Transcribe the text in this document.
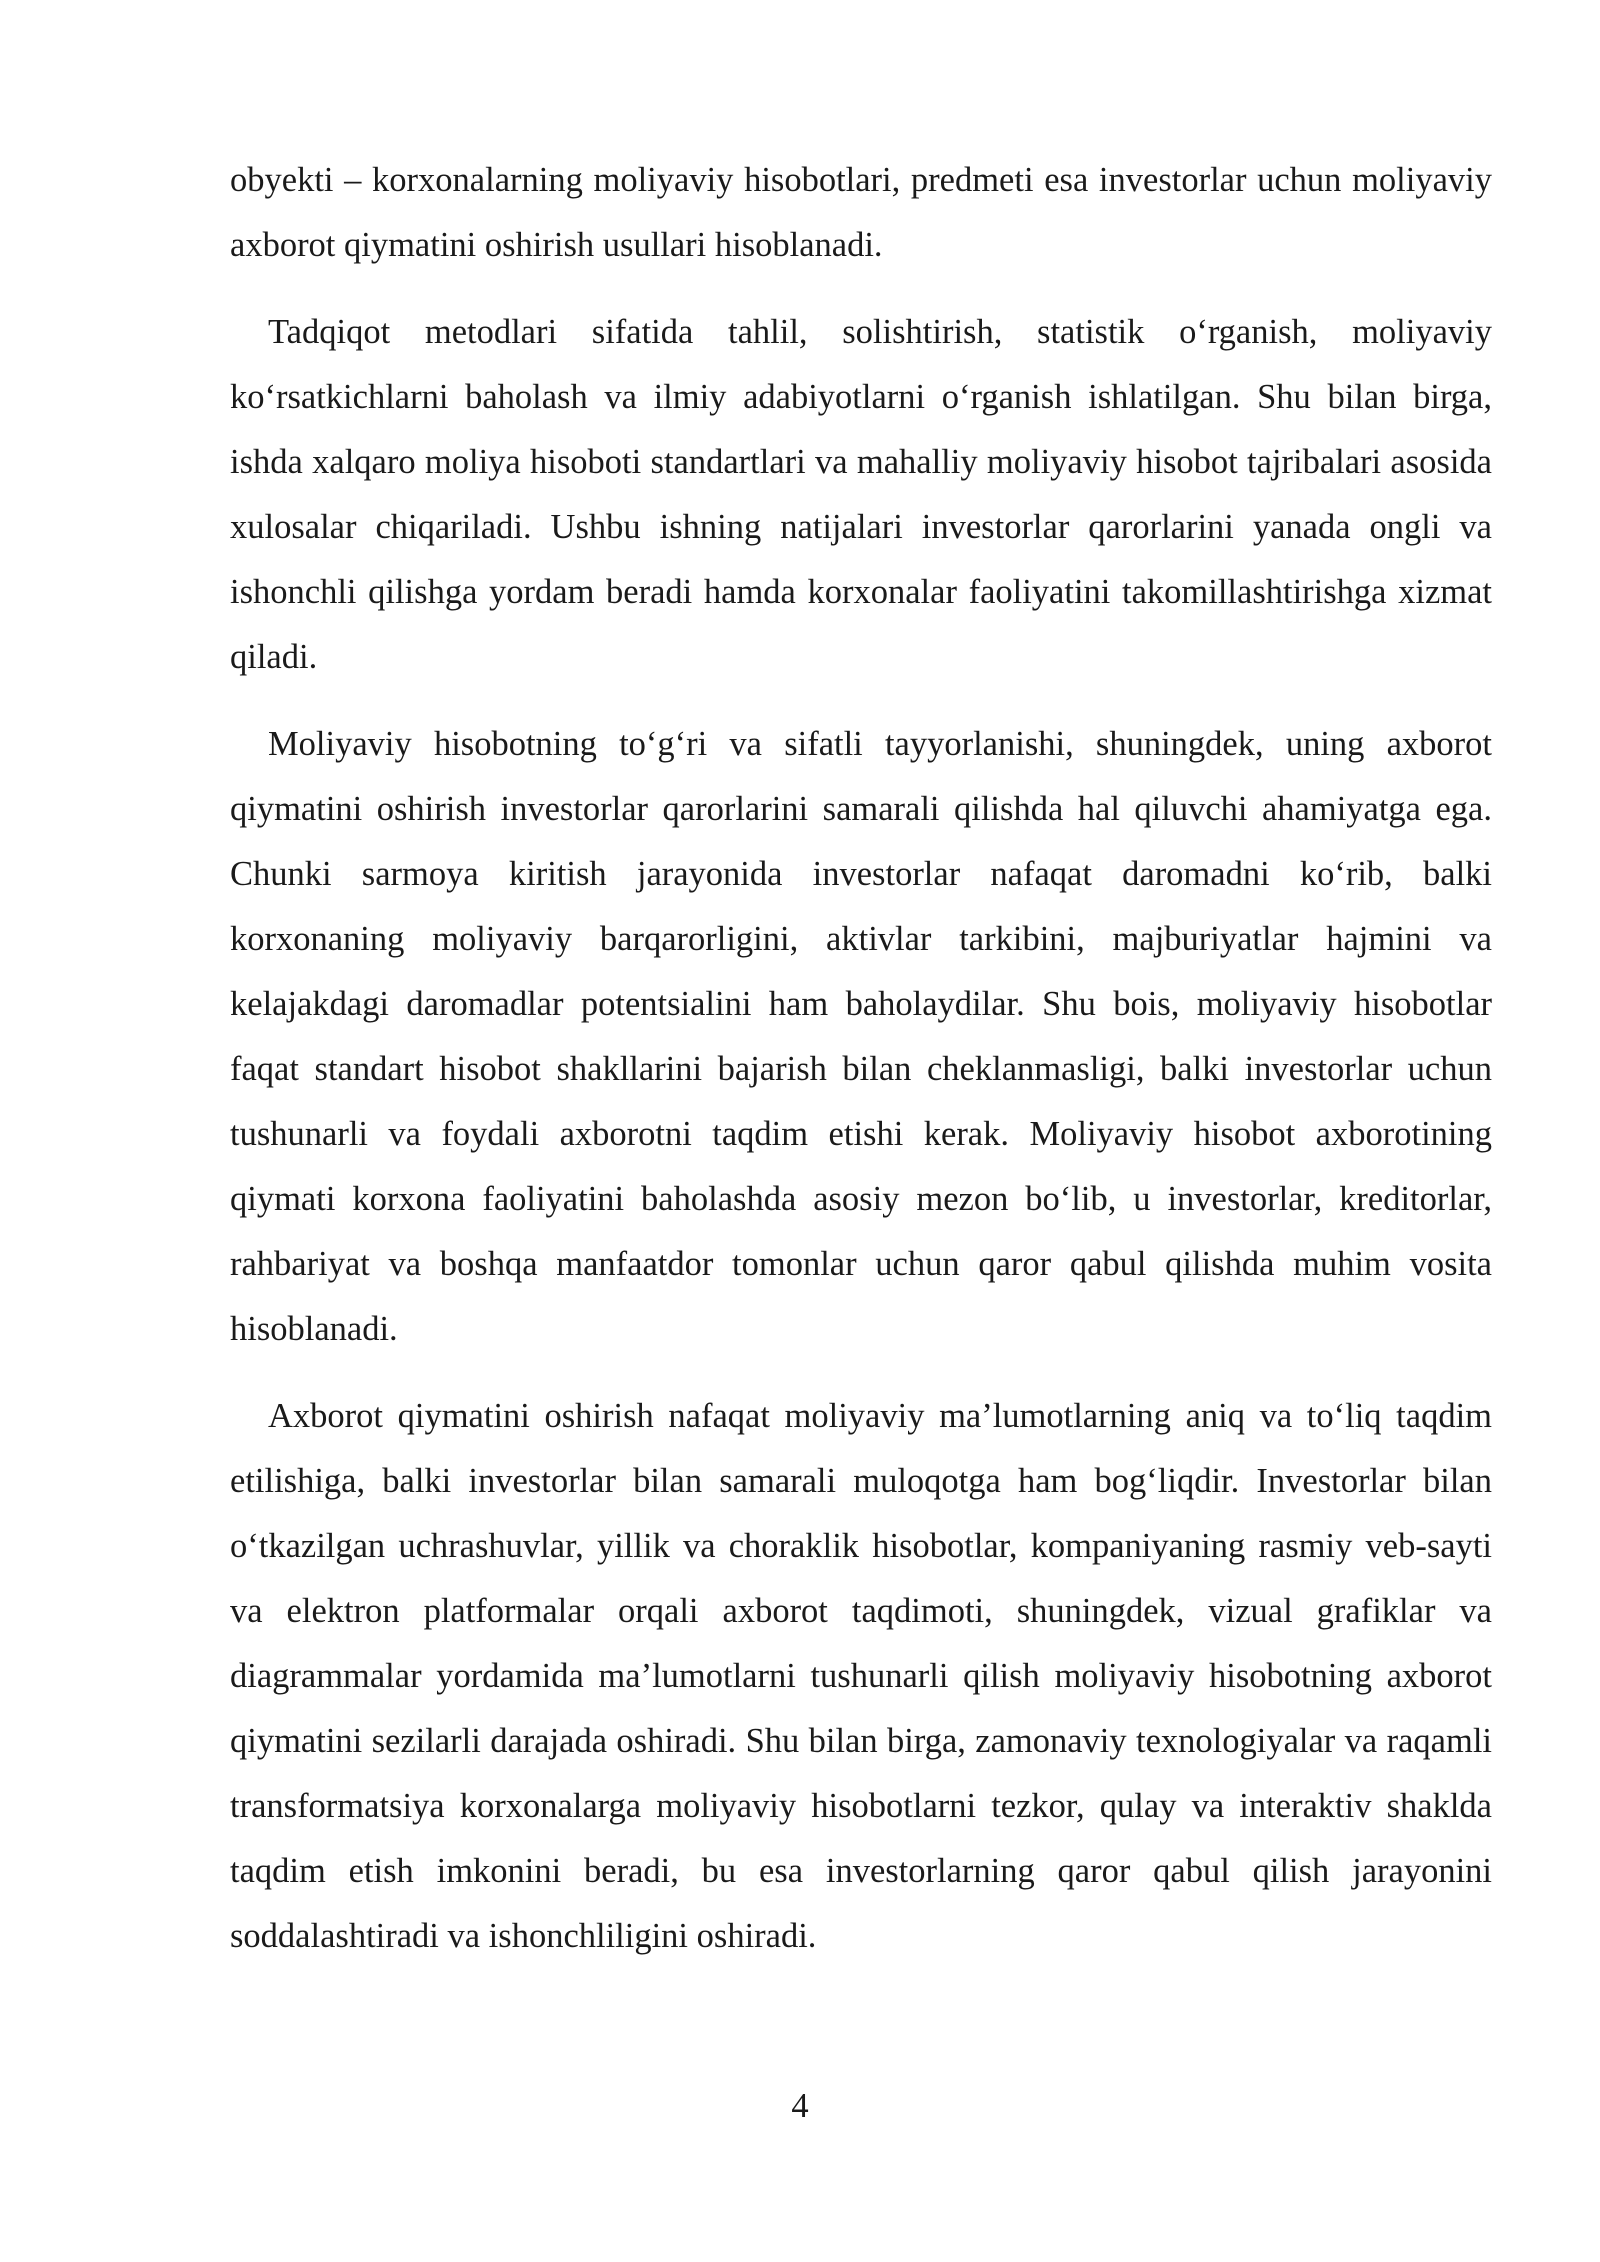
obyekti – korxonalarning moliyaviy hisobotlari, predmeti esa investorlar uchun moliyaviy axborot qiymatini oshirish usullari hisoblanadi.

Tadqiqot metodlari sifatida tahlil, solishtirish, statistik o‘rganish, moliyaviy ko‘rsatkichlarni baholash va ilmiy adabiyotlarni o‘rganish ishlatilgan. Shu bilan birga, ishda xalqaro moliya hisoboti standartlari va mahalliy moliyaviy hisobot tajribalari asosida xulosalar chiqariladi. Ushbu ishning natijalari investorlar qarorlarini yanada ongli va ishonchli qilishga yordam beradi hamda korxonalar faoliyatini takomillashtirishga xizmat qiladi.

Moliyaviy hisobotning to‘g‘ri va sifatli tayyorlanishi, shuningdek, uning axborot qiymatini oshirish investorlar qarorlarini samarali qilishda hal qiluvchi ahamiyatga ega. Chunki sarmoya kiritish jarayonida investorlar nafaqat daromadni ko‘rib, balki korxonaning moliyaviy barqarorligini, aktivlar tarkibini, majburiyatlar hajmini va kelajakdagi daromadlar potentsialini ham baholaydilar. Shu bois, moliyaviy hisobotlar faqat standart hisobot shakllarini bajarish bilan cheklanmasligi, balki investorlar uchun tushunarli va foydali axborotni taqdim etishi kerak. Moliyaviy hisobot axborotining qiymati korxona faoliyatini baholashda asosiy mezon bo‘lib, u investorlar, kreditorlar, rahbariyat va boshqa manfaatdor tomonlar uchun qaror qabul qilishda muhim vosita hisoblanadi.

Axborot qiymatini oshirish nafaqat moliyaviy ma’lumotlarning aniq va to‘liq taqdim etilishiga, balki investorlar bilan samarali muloqotga ham bog‘liqdir. Investorlar bilan o‘tkazilgan uchrashuvlar, yillik va choraklik hisobotlar, kompaniyaning rasmiy veb-sayti va elektron platformalar orqali axborot taqdimoti, shuningdek, vizual grafiklar va diagrammalar yordamida ma’lumotlarni tushunarli qilish moliyaviy hisobotning axborot qiymatini sezilarli darajada oshiradi. Shu bilan birga, zamonaviy texnologiyalar va raqamli transformatsiya korxonalarga moliyaviy hisobotlarni tezkor, qulay va interaktiv shaklda taqdim etish imkonini beradi, bu esa investorlarning qaror qabul qilish jarayonini soddalashtiradi va ishonchliligini oshiradi.

4
